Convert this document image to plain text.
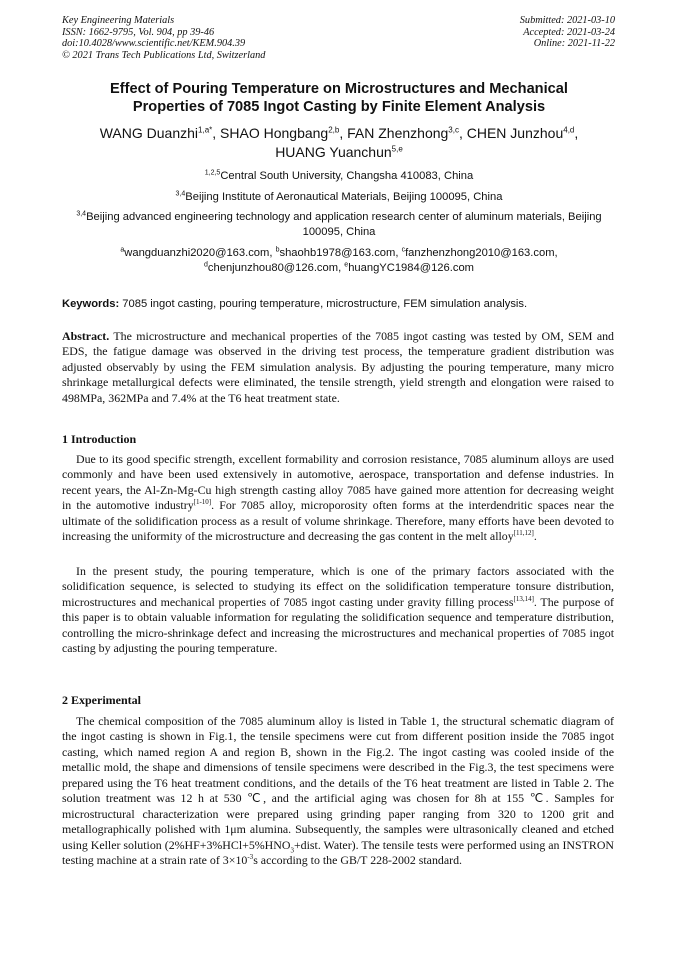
Key Engineering Materials
ISSN: 1662-9795, Vol. 904, pp 39-46
doi:10.4028/www.scientific.net/KEM.904.39
© 2021 Trans Tech Publications Ltd, Switzerland
Submitted: 2021-03-10
Accepted: 2021-03-24
Online: 2021-11-22
Effect of Pouring Temperature on Microstructures and Mechanical
Properties of 7085 Ingot Casting by Finite Element Analysis
WANG Duanzhi$^{1,a*}$, SHAO Hongbang$^{2,b}$, FAN Zhenzhong$^{3,c}$, CHEN Junzhou$^{4,d}$,
HUANG Yuanchun$^{5,e}$
$^{1,2,5}$Central South University, Changsha 410083, China
$^{3,4}$Beijing Institute of Aeronautical Materials, Beijing 100095, China
$^{3,4}$Beijing advanced engineering technology and application research center of aluminum materials, Beijing 100095, China
$^a$wangduanzhi2020@163.com, $^b$shaohb1978@163.com, $^c$fanzhenzhong2010@163.com,
$^d$chenjunzhou80@126.com, $^e$huangYC1984@126.com
Keywords: 7085 ingot casting, pouring temperature, microstructure, FEM simulation analysis.
Abstract. The microstructure and mechanical properties of the 7085 ingot casting was tested by OM, SEM and EDS, the fatigue damage was observed in the driving test process, the temperature gradient distribution was adjusted observably by using the FEM simulation analysis. By adjusting the pouring temperature, many micro shrinkage metallurgical defects were eliminated, the tensile strength, yield strength and elongation were raised to 498MPa, 362MPa and 7.4% at the T6 heat treatment state.
1 Introduction
Due to its good specific strength, excellent formability and corrosion resistance, 7085 aluminum alloys are used commonly and have been used extensively in automotive, aerospace, transportation and defense industries. In recent years, the Al-Zn-Mg-Cu high strength casting alloy 7085 have gained more attention for decreasing weight in the automotive industry[1-10]. For 7085 alloy, microporosity often forms at the interdendritic spaces near the ultimate of the solidification process as a result of volume shrinkage. Therefore, many efforts have been devoted to increasing the uniformity of the microstructure and decreasing the gas content in the melt alloy[11,12].
In the present study, the pouring temperature, which is one of the primary factors associated with the solidification sequence, is selected to studying its effect on the solidification temperature tonsure distribution, microstructures and mechanical properties of 7085 ingot casting under gravity filling process[13,14]. The purpose of this paper is to obtain valuable information for regulating the solidification sequence and temperature distribution, controlling the micro-shrinkage defect and increasing the microstructures and mechanical properties of 7085 ingot casting by adjusting the pouring temperature.
2 Experimental
The chemical composition of the 7085 aluminum alloy is listed in Table 1, the structural schematic diagram of the ingot casting is shown in Fig.1, the tensile specimens were cut from different position inside the 7085 ingot casting, which named region A and region B, shown in the Fig.2. The ingot casting was cooled inside of the metallic mold, the shape and dimensions of tensile specimens were described in the Fig.3, the test specimens were prepared using the T6 heat treatment conditions, and the details of the T6 heat treatment are listed in Table 2. The solution treatment was 12 h at 530 ℃, and the artificial aging was chosen for 8h at 155 ℃. Samples for microstructural characterization were prepared using grinding paper ranging from 320 to 1200 grit and metallographically polished with 1μm alumina. Subsequently, the samples were ultrasonically cleaned and etched using Keller solution ($2\%HF+3\%HCl+5\%HNO_3+dist$. Water). The tensile tests were performed using an INSTRON testing machine at a strain rate of $3\times 10^{-3}s$ according to the GB/T 228-2002 standard.
